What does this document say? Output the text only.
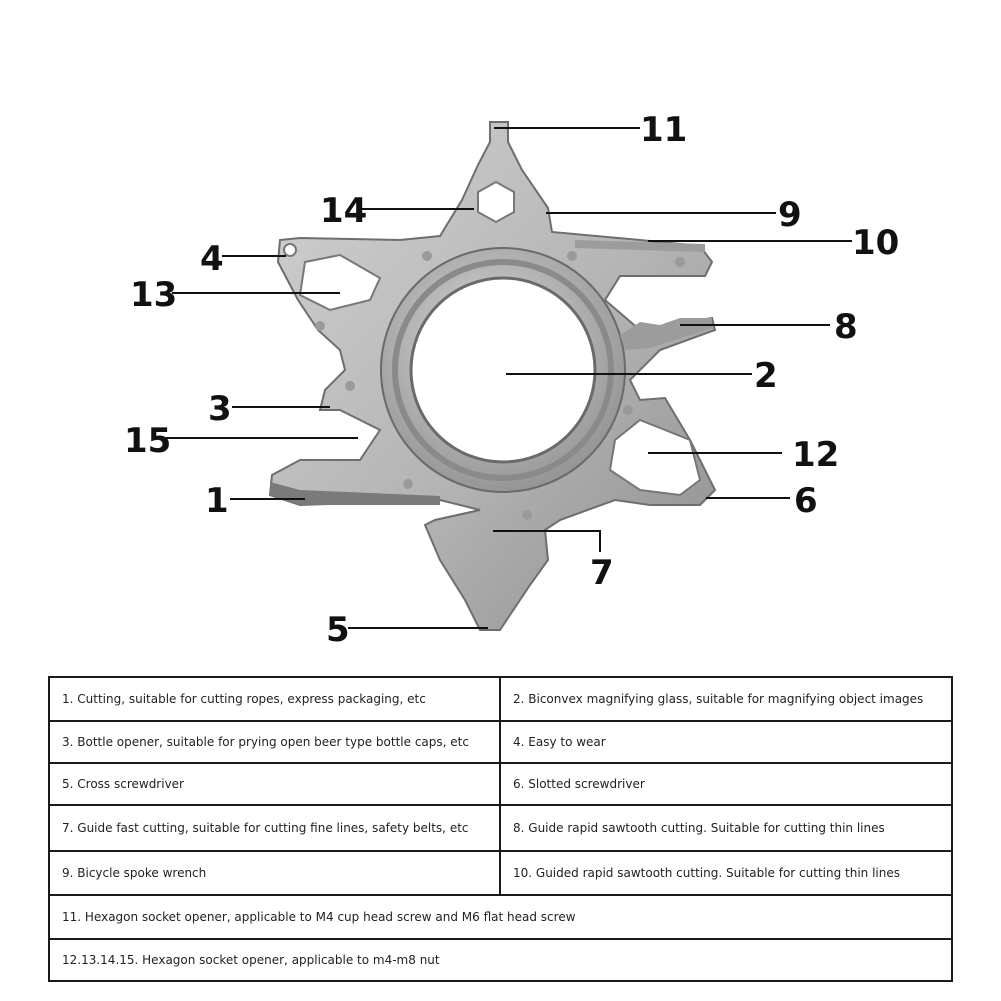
1
2
3
4
5
6
7
8
9
10
11
12
13
14
15
1. Cutting, suitable for cutting ropes, express packaging, etc	2. Biconvex magnifying glass, suitable for magnifying object images
3. Bottle opener, suitable for prying open beer type bottle caps, etc	4. Easy to wear
5. Cross screwdriver	6. Slotted screwdriver
7. Guide fast cutting, suitable for cutting fine lines, safety belts, etc	8. Guide rapid sawtooth cutting. Suitable for cutting thin lines
9. Bicycle spoke wrench	10. Guided rapid sawtooth cutting. Suitable for cutting thin lines
11. Hexagon socket opener, applicable to M4 cup head screw and M6 flat head screw	
12.13.14.15. Hexagon socket opener, applicable to m4-m8 nut	
